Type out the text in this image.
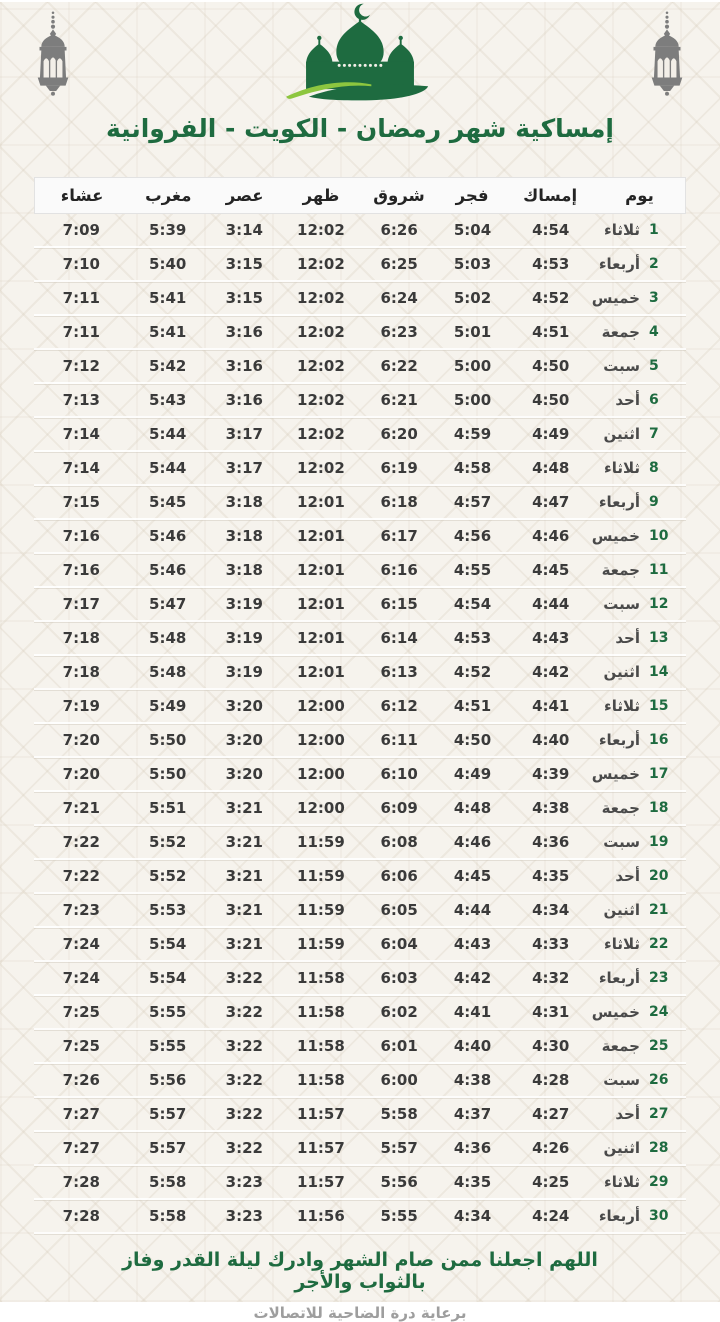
إمساكية شهر رمضان - الكويت - الفروانية
يوم
إمساك
فجر
شروق
ظهر
عصر
مغرب
عشاء
1
ثلاثاء
4:54
5:04
6:26
12:02
3:14
5:39
7:09
2
أربعاء
4:53
5:03
6:25
12:02
3:15
5:40
7:10
3
خميس
4:52
5:02
6:24
12:02
3:15
5:41
7:11
4
جمعة
4:51
5:01
6:23
12:02
3:16
5:41
7:11
5
سبت
4:50
5:00
6:22
12:02
3:16
5:42
7:12
6
أحد
4:50
5:00
6:21
12:02
3:16
5:43
7:13
7
اثنين
4:49
4:59
6:20
12:02
3:17
5:44
7:14
8
ثلاثاء
4:48
4:58
6:19
12:02
3:17
5:44
7:14
9
أربعاء
4:47
4:57
6:18
12:01
3:18
5:45
7:15
10
خميس
4:46
4:56
6:17
12:01
3:18
5:46
7:16
11
جمعة
4:45
4:55
6:16
12:01
3:18
5:46
7:16
12
سبت
4:44
4:54
6:15
12:01
3:19
5:47
7:17
13
أحد
4:43
4:53
6:14
12:01
3:19
5:48
7:18
14
اثنين
4:42
4:52
6:13
12:01
3:19
5:48
7:18
15
ثلاثاء
4:41
4:51
6:12
12:00
3:20
5:49
7:19
16
أربعاء
4:40
4:50
6:11
12:00
3:20
5:50
7:20
17
خميس
4:39
4:49
6:10
12:00
3:20
5:50
7:20
18
جمعة
4:38
4:48
6:09
12:00
3:21
5:51
7:21
19
سبت
4:36
4:46
6:08
11:59
3:21
5:52
7:22
20
أحد
4:35
4:45
6:06
11:59
3:21
5:52
7:22
21
اثنين
4:34
4:44
6:05
11:59
3:21
5:53
7:23
22
ثلاثاء
4:33
4:43
6:04
11:59
3:21
5:54
7:24
23
أربعاء
4:32
4:42
6:03
11:58
3:22
5:54
7:24
24
خميس
4:31
4:41
6:02
11:58
3:22
5:55
7:25
25
جمعة
4:30
4:40
6:01
11:58
3:22
5:55
7:25
26
سبت
4:28
4:38
6:00
11:58
3:22
5:56
7:26
27
أحد
4:27
4:37
5:58
11:57
3:22
5:57
7:27
28
اثنين
4:26
4:36
5:57
11:57
3:22
5:57
7:27
29
ثلاثاء
4:25
4:35
5:56
11:57
3:23
5:58
7:28
30
أربعاء
4:24
4:34
5:55
11:56
3:23
5:58
7:28
اللهم اجعلنا ممن صام الشهر وادرك ليلة القدر وفاز
بالثواب والأجر
برعاية درة الضاحية للاتصالات
